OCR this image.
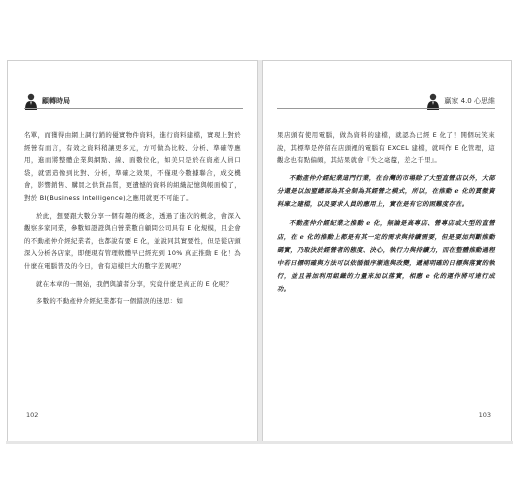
顧轉時局

名單，而獲得由網上調行銷的優實物件資料，進行資料建檔，實現上對於經營有而言，有效之資料稍讓更多元，方可做為比較、分析、準確等應用，進而將整體企業與網點、線、面數位化，如美只是於在資產人員口袋，就需造像到比對、分析，準確之效果，不僅現今數據聯合，成交機會，影響銷售、購買之供貨品質，更遺憾的資料的組織記憶與帳面模了，對於 BI(Business Intelligence)之應用就更不可能了。

於此，想要跟大數分享一個有趣的概念，透過了進次的概念，會深入觀察多家同業，參數如證證與自營業數自顧問公司具有 E 化規模，且企會的不動產仲介經紀業者，也都說有要 E 化，並說同其實要性，但是從店頭深入分析各店家，即便現有管理軟體早已經充到 10% 真正推動 E 化！為什麼在電腦普及的今日，會有這樣巨大的數字差異呢？

就在本章的一開始，我們與讀者分享，究竟什麼是真正的 E 化呢？

多數的不動產仲介經紀業都有一個錯誤的迷思：如

102
贏家 4.0 心思維

果店頭有使用電腦，做為資料的建檔，就認為已經 E 化了！開個玩笑來說，其標準是停留在店頭裡的電腦有 EXCEL 建檔，就叫作 E 化管理，這觀念也有點偏頗，其結果就會『失之毫釐，差之千里』。

不動產仲介經紀業這門行業，在台灣的市場除了大型直營店以外，大部分還是以加盟總部為其全制為其經營之模式，所以，在推動 e 化的貫徹資料庫之建檔，以及要求人員的應用上，實在是有它的困難度存在。

不動產仲介經紀業之推動 e 化，無論是高專店、營專店或大型的直營店，在 e 化的推動上都是有其一定的需求與持續需要，但是要加判斷推動碼實，乃取決於經營者的態度、決心，執行力與持續力，而在整體推動過程中若日標明確與方法可以依循循序漸進與改變，遞補明確的日標與落實的執行，並且善加利用組織的力量來加以落實，相應 e 化的運作將可達行成功。

103
